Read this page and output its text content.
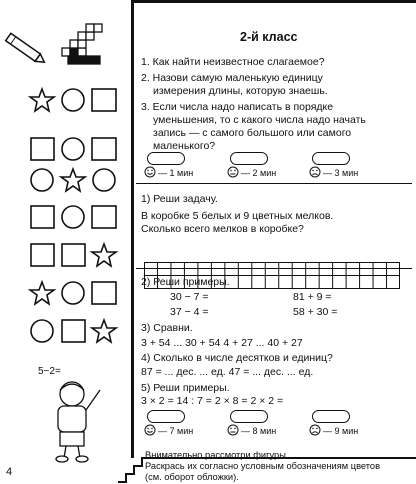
5−2=
2-й класс
1. Как найти неизвестное слагаемое?
2. Назови самую маленькую единицу
измерения длины, которую знаешь.
3. Если числа надо написать в порядке
уменьшения, то с какого числа надо начать
запись — с самого большого или самого
маленького?
— 1 мин	— 2 мин	— 3 мин
1) Реши задачу.
В коробке 5 белых и 9 цветных мелков.
Сколько всего мелков в коробке?
2) Реши примеры.
30 − 7 =	81 + 9 =
37 − 4 =	58 + 30 =
3) Сравни.
3 + 54 ... 30 + 54 4 + 27 ... 40 + 27
4) Сколько в числе десятков и единиц?
87 = ... дес. ... ед. 47 = ... дес. ... ед.
5) Реши примеры.
3 × 2 = 14 : 7 = 2 × 8 = 2 × 2 =
— 7 мин	— 8 мин	— 9 мин
Внимательно рассмотри фигуры.
Раскрась их согласно условным обозначениям цветов
(см. оборот обложки).
4
